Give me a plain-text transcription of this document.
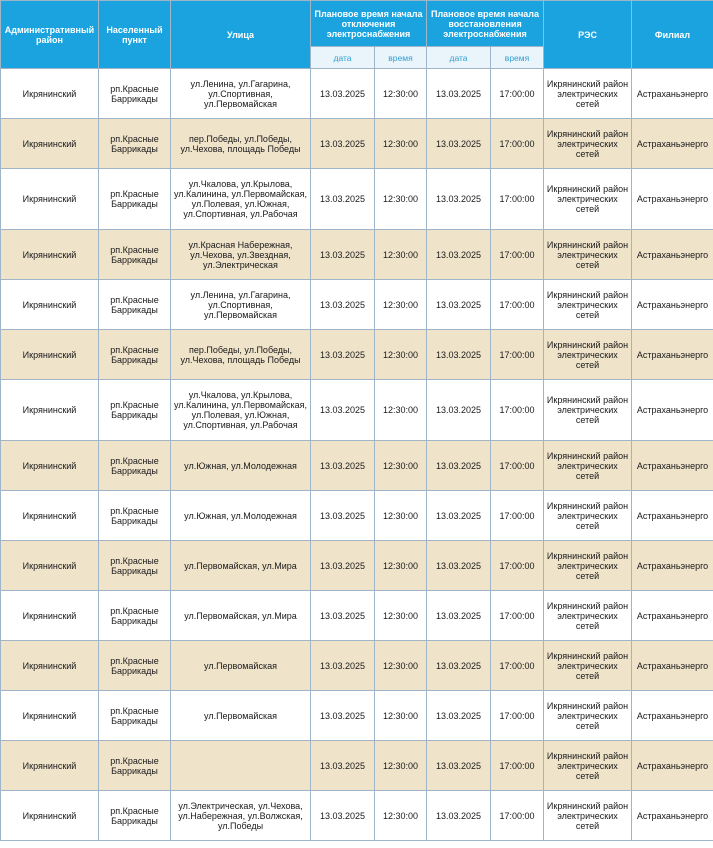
Административный район	Населенный пункт	Улица	Плановое время начала отключения электроснабжения		Плановое время начала восстановления электроснабжения		РЭС	Филиал
			дата	время	дата	время		
Икрянинский	рп.Красные Баррикады	ул.Ленина, ул.Гагарина, ул.Спортивная, ул.Первомайская	13.03.2025	12:30:00	13.03.2025	17:00:00	Икрянинский район электрических сетей	Астраханьэнерго
Икрянинский	рп.Красные Баррикады	пер.Победы, ул.Победы, ул.Чехова, площадь Победы	13.03.2025	12:30:00	13.03.2025	17:00:00	Икрянинский район электрических сетей	Астраханьэнерго
Икрянинский	рп.Красные Баррикады	ул.Чкалова, ул.Крылова, ул.Калинина, ул.Первомайская, ул.Полевая, ул.Южная, ул.Спортивная, ул.Рабочая	13.03.2025	12:30:00	13.03.2025	17:00:00	Икрянинский район электрических сетей	Астраханьэнерго
Икрянинский	рп.Красные Баррикады	ул.Красная Набережная, ул.Чехова, ул.Звездная, ул.Электрическая	13.03.2025	12:30:00	13.03.2025	17:00:00	Икрянинский район электрических сетей	Астраханьэнерго
Икрянинский	рп.Красные Баррикады	ул.Ленина, ул.Гагарина, ул.Спортивная, ул.Первомайская	13.03.2025	12:30:00	13.03.2025	17:00:00	Икрянинский район электрических сетей	Астраханьэнерго
Икрянинский	рп.Красные Баррикады	пер.Победы, ул.Победы, ул.Чехова, площадь Победы	13.03.2025	12:30:00	13.03.2025	17:00:00	Икрянинский район электрических сетей	Астраханьэнерго
Икрянинский	рп.Красные Баррикады	ул.Чкалова, ул.Крылова, ул.Калинина, ул.Первомайская, ул.Полевая, ул.Южная, ул.Спортивная, ул.Рабочая	13.03.2025	12:30:00	13.03.2025	17:00:00	Икрянинский район электрических сетей	Астраханьэнерго
Икрянинский	рп.Красные Баррикады	ул.Южная, ул.Молодежная	13.03.2025	12:30:00	13.03.2025	17:00:00	Икрянинский район электрических сетей	Астраханьэнерго
Икрянинский	рп.Красные Баррикады	ул.Южная, ул.Молодежная	13.03.2025	12:30:00	13.03.2025	17:00:00	Икрянинский район электрических сетей	Астраханьэнерго
Икрянинский	рп.Красные Баррикады	ул.Первомайская, ул.Мира	13.03.2025	12:30:00	13.03.2025	17:00:00	Икрянинский район электрических сетей	Астраханьэнерго
Икрянинский	рп.Красные Баррикады	ул.Первомайская, ул.Мира	13.03.2025	12:30:00	13.03.2025	17:00:00	Икрянинский район электрических сетей	Астраханьэнерго
Икрянинский	рп.Красные Баррикады	ул.Первомайская	13.03.2025	12:30:00	13.03.2025	17:00:00	Икрянинский район электрических сетей	Астраханьэнерго
Икрянинский	рп.Красные Баррикады	ул.Первомайская	13.03.2025	12:30:00	13.03.2025	17:00:00	Икрянинский район электрических сетей	Астраханьэнерго
Икрянинский	рп.Красные Баррикады		13.03.2025	12:30:00	13.03.2025	17:00:00	Икрянинский район электрических сетей	Астраханьэнерго
Икрянинский	рп.Красные Баррикады	ул.Электрическая, ул.Чехова, ул.Набережная, ул.Волжская, ул.Победы	13.03.2025	12:30:00	13.03.2025	17:00:00	Икрянинский район электрических сетей	Астраханьэнерго
